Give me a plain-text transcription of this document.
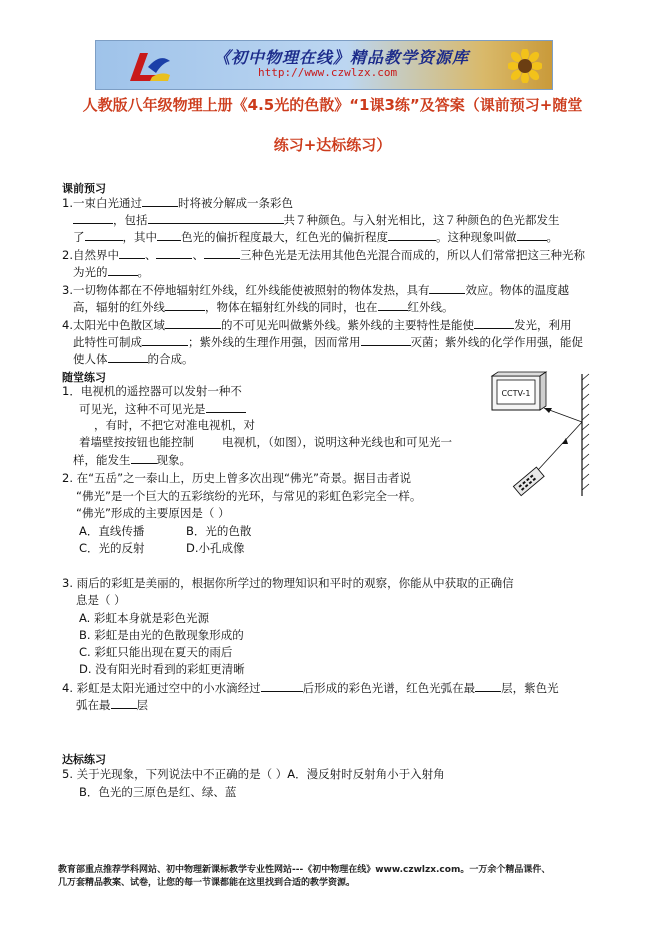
《初中物理在线》精品教学资源库
http://www.czwlzx.com
人教版八年级物理上册《4.5光的色散》“1课3练”及答案（课前预习+随堂
练习+达标练习）
课前预习
1.一束白光通过	时将被分解成一条彩色
，包括	共７种颜色。与入射光相比，这７种颜色的色光都发生
了	，其中 色光的偏折程度最大，红色光的偏折程度	。这种现象叫做	。
2.自然界中 、	、	三种色光是无法用其他色光混合而成的，所以人们常常把这三种光称
为光的	。
3.一切物体都在不停地辐射红外线，红外线能使被照射的物体发热，具有	效应。物体的温度越
高，辐射的红外线	，物体在辐射红外线的同时，也在	红外线。
4.太阳光中色散区域	的不可见光叫做紫外线。紫外线的主要特性是能使	发光，利用
此特性可制成	；紫外线的生理作用强，因而常用	灭菌；紫外线的化学作用强，能促
使人体	的合成。
随堂练习
1．电视机的遥控器可以发射一种不
可见光，这种不可见光是
，有时，不把它对准电视机，对
着墙壁按按钮也能控制 电视机，（如图），说明这种光线也和可见光一
样，能发生 现象。
2. 在“五岳”之一泰山上，历史上曾多次出现“佛光”奇景。据目击者说
“佛光”是一个巨大的五彩缤纷的光环，与常见的彩虹色彩完全一样。
“佛光”形成的主要原因是（ ）
A．直线传播	B．光的色散
C．光的反射	D.小孔成像
3. 雨后的彩虹是美丽的，根据你所学过的物理知识和平时的观察，你能从中获取的正确信
息是（ ）
A. 彩虹本身就是彩色光源
B. 彩虹是由光的色散现象形成的
C. 彩虹只能出现在夏天的雨后
D. 没有阳光时看到的彩虹更清晰
4. 彩虹是太阳光通过空中的小水滴经过	后形成的彩色光谱，红色光弧在最 层，紫色光
弧在最 层
达标练习
5. 关于光现象，下列说法中不正确的是（ ）A．漫反射时反射角小于入射角
B．色光的三原色是红、绿、蓝
CCTV-1
教育部重点推荐学科网站、初中物理新课标教学专业性网站---《初中物理在线》www.czwlzx.com。一万余个精品课件、
几万套精品教案、试卷，让您的每一节课都能在这里找到合适的教学资源。
